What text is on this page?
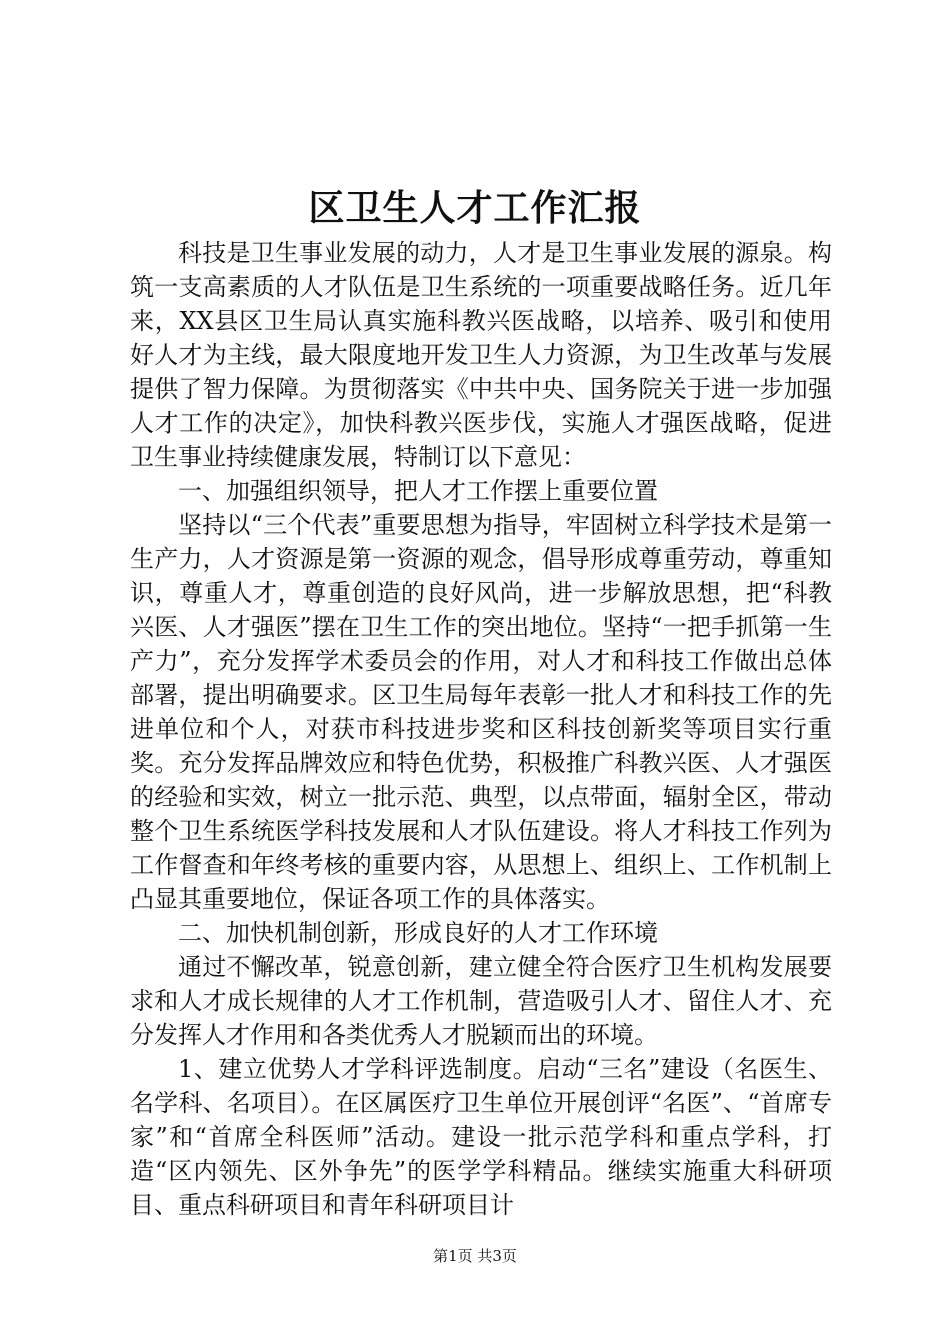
区卫生人才工作汇报

科技是卫生事业发展的动力，人才是卫生事业发展的源泉。构筑一支高素质的人才队伍是卫生系统的一项重要战略任务。近几年来，XX县区卫生局认真实施科教兴医战略，以培养、吸引和使用好人才为主线，最大限度地开发卫生人力资源，为卫生改革与发展提供了智力保障。为贯彻落实《中共中央、国务院关于进一步加强人才工作的决定》，加快科教兴医步伐，实施人才强医战略，促进卫生事业持续健康发展，特制订以下意见：

一、加强组织领导，把人才工作摆上重要位置

坚持以“三个代表”重要思想为指导，牢固树立科学技术是第一生产力，人才资源是第一资源的观念，倡导形成尊重劳动，尊重知识，尊重人才，尊重创造的良好风尚，进一步解放思想，把“科教兴医、人才强医”摆在卫生工作的突出地位。坚持“一把手抓第一生产力”，充分发挥学术委员会的作用，对人才和科技工作做出总体部署，提出明确要求。区卫生局每年表彰一批人才和科技工作的先进单位和个人，对获市科技进步奖和区科技创新奖等项目实行重奖。充分发挥品牌效应和特色优势，积极推广科教兴医、人才强医的经验和实效，树立一批示范、典型，以点带面，辐射全区，带动整个卫生系统医学科技发展和人才队伍建设。将人才科技工作列为工作督查和年终考核的重要内容，从思想上、组织上、工作机制上凸显其重要地位，保证各项工作的具体落实。

二、加快机制创新，形成良好的人才工作环境

通过不懈改革，锐意创新，建立健全符合医疗卫生机构发展要求和人才成长规律的人才工作机制，营造吸引人才、留住人才、充分发挥人才作用和各类优秀人才脱颖而出的环境。

1、建立优势人才学科评选制度。启动“三名”建设（名医生、名学科、名项目）。在区属医疗卫生单位开展创评“名医”、“首席专家”和“首席全科医师”活动。建设一批示范学科和重点学科，打造“区内领先、区外争先”的医学学科精品。继续实施重大科研项目、重点科研项目和青年科研项目计

第1页 共3页
